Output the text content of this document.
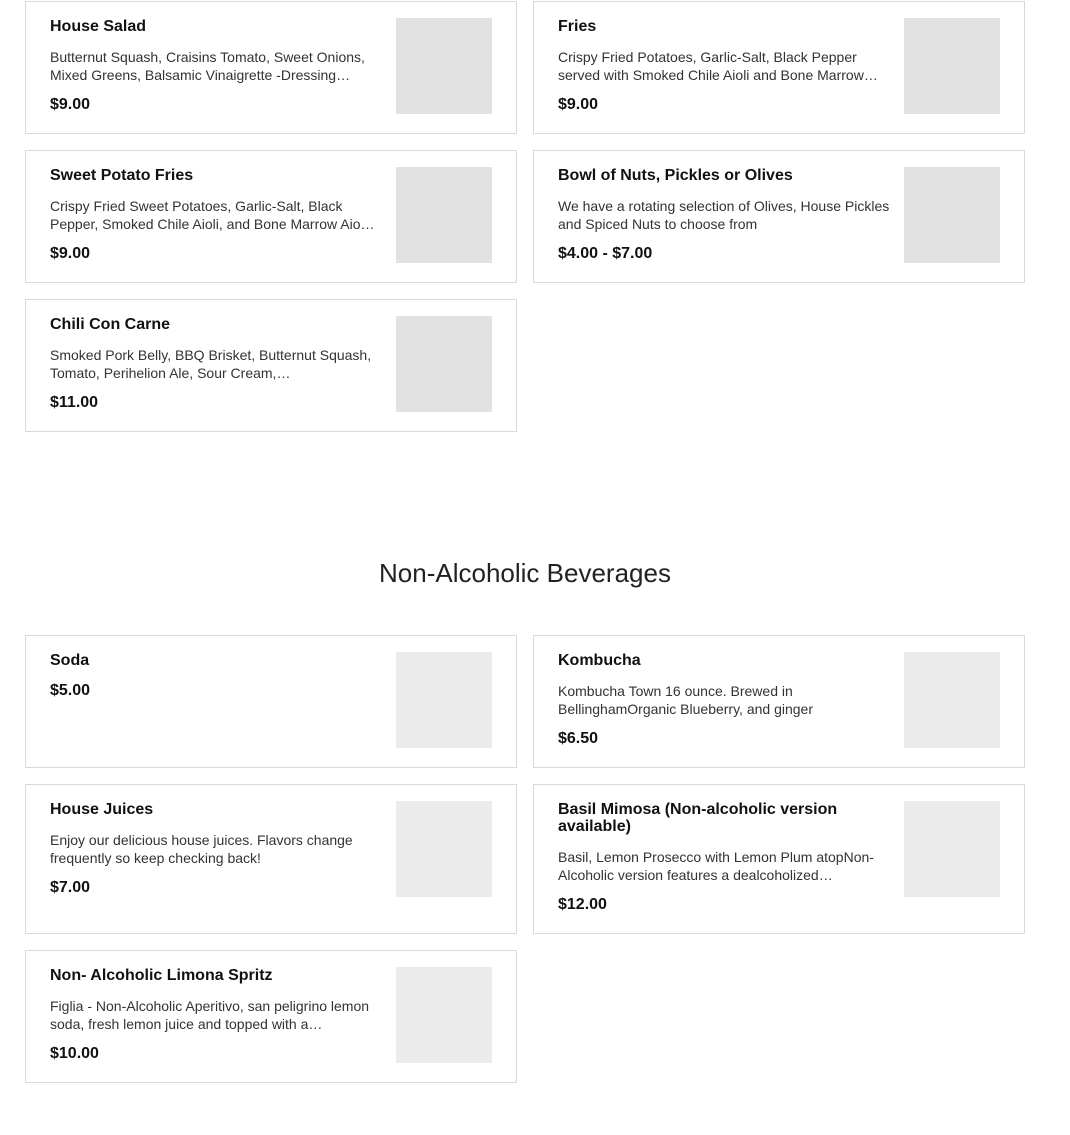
House Salad
Butternut Squash, Craisins Tomato, Sweet Onions, Mixed Greens, Balsamic Vinaigrette -Dressing…
$9.00
Fries
Crispy Fried Potatoes, Garlic-Salt, Black Pepper served with Smoked Chile Aioli and Bone Marrow…
$9.00
Sweet Potato Fries
Crispy Fried Sweet Potatoes, Garlic-Salt, Black Pepper, Smoked Chile Aioli, and Bone Marrow Aio…
$9.00
Bowl of Nuts, Pickles or Olives
We have a rotating selection of Olives, House Pickles and Spiced Nuts to choose from
$4.00 - $7.00
Chili Con Carne
Smoked Pork Belly, BBQ Brisket, Butternut Squash, Tomato, Perihelion Ale, Sour Cream,…
$11.00
Non-Alcoholic Beverages
Soda
$5.00
Kombucha
Kombucha Town 16 ounce. Brewed in BellinghamOrganic Blueberry, and ginger
$6.50
House Juices
Enjoy our delicious house juices. Flavors change frequently so keep checking back!
$7.00
Basil Mimosa (Non-alcoholic version available)
Basil, Lemon Prosecco with Lemon Plum atopNon-Alcoholic version features a dealcoholized…
$12.00
Non- Alcoholic Limona Spritz
Figlia - Non-Alcoholic Aperitivo, san peligrino lemon soda, fresh lemon juice and topped with a…
$10.00
